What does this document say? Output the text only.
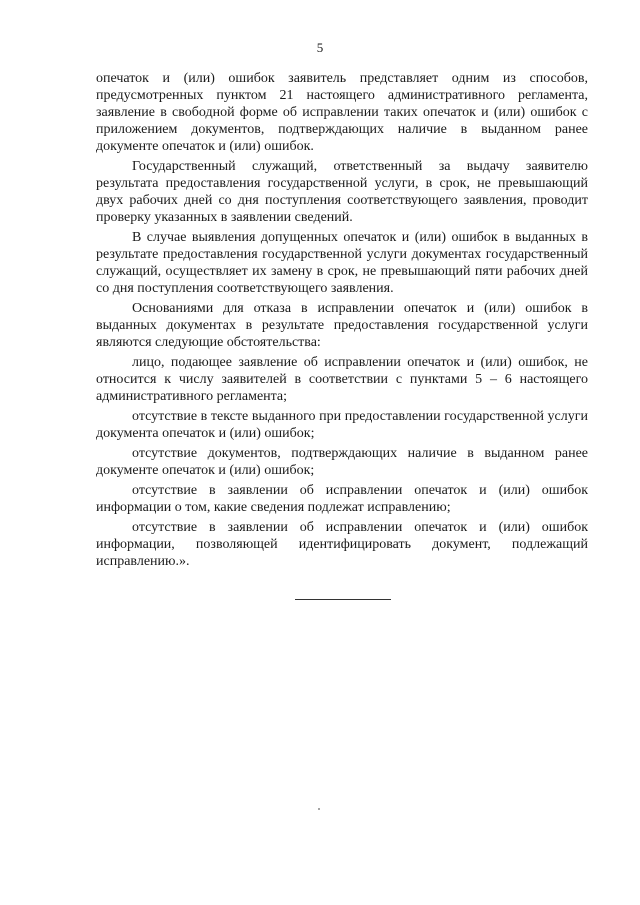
5

опечаток и (или) ошибок заявитель представляет одним из способов, предусмотренных пунктом 21 настоящего административного регламента, заявление в свободной форме об исправлении таких опечаток и (или) ошибок с приложением документов, подтверждающих наличие в выданном ранее документе опечаток и (или) ошибок.

Государственный служащий, ответственный за выдачу заявителю результата предоставления государственной услуги, в срок, не превышающий двух рабочих дней со дня поступления соответствующего заявления, проводит проверку указанных в заявлении сведений.

В случае выявления допущенных опечаток и (или) ошибок в выданных в результате предоставления государственной услуги документах государственный служащий, осуществляет их замену в срок, не превышающий пяти рабочих дней со дня поступления соответствующего заявления.

Основаниями для отказа в исправлении опечаток и (или) ошибок в выданных документах в результате предоставления государственной услуги являются следующие обстоятельства:

лицо, подающее заявление об исправлении опечаток и (или) ошибок, не относится к числу заявителей в соответствии с пунктами 5 – 6 настоящего административного регламента;

отсутствие в тексте выданного при предоставлении государственной услуги документа опечаток и (или) ошибок;

отсутствие документов, подтверждающих наличие в выданном ранее документе опечаток и (или) ошибок;

отсутствие в заявлении об исправлении опечаток и (или) ошибок информации о том, какие сведения подлежат исправлению;

отсутствие в заявлении об исправлении опечаток и (или) ошибок информации, позволяющей идентифицировать документ, подлежащий исправлению.».
